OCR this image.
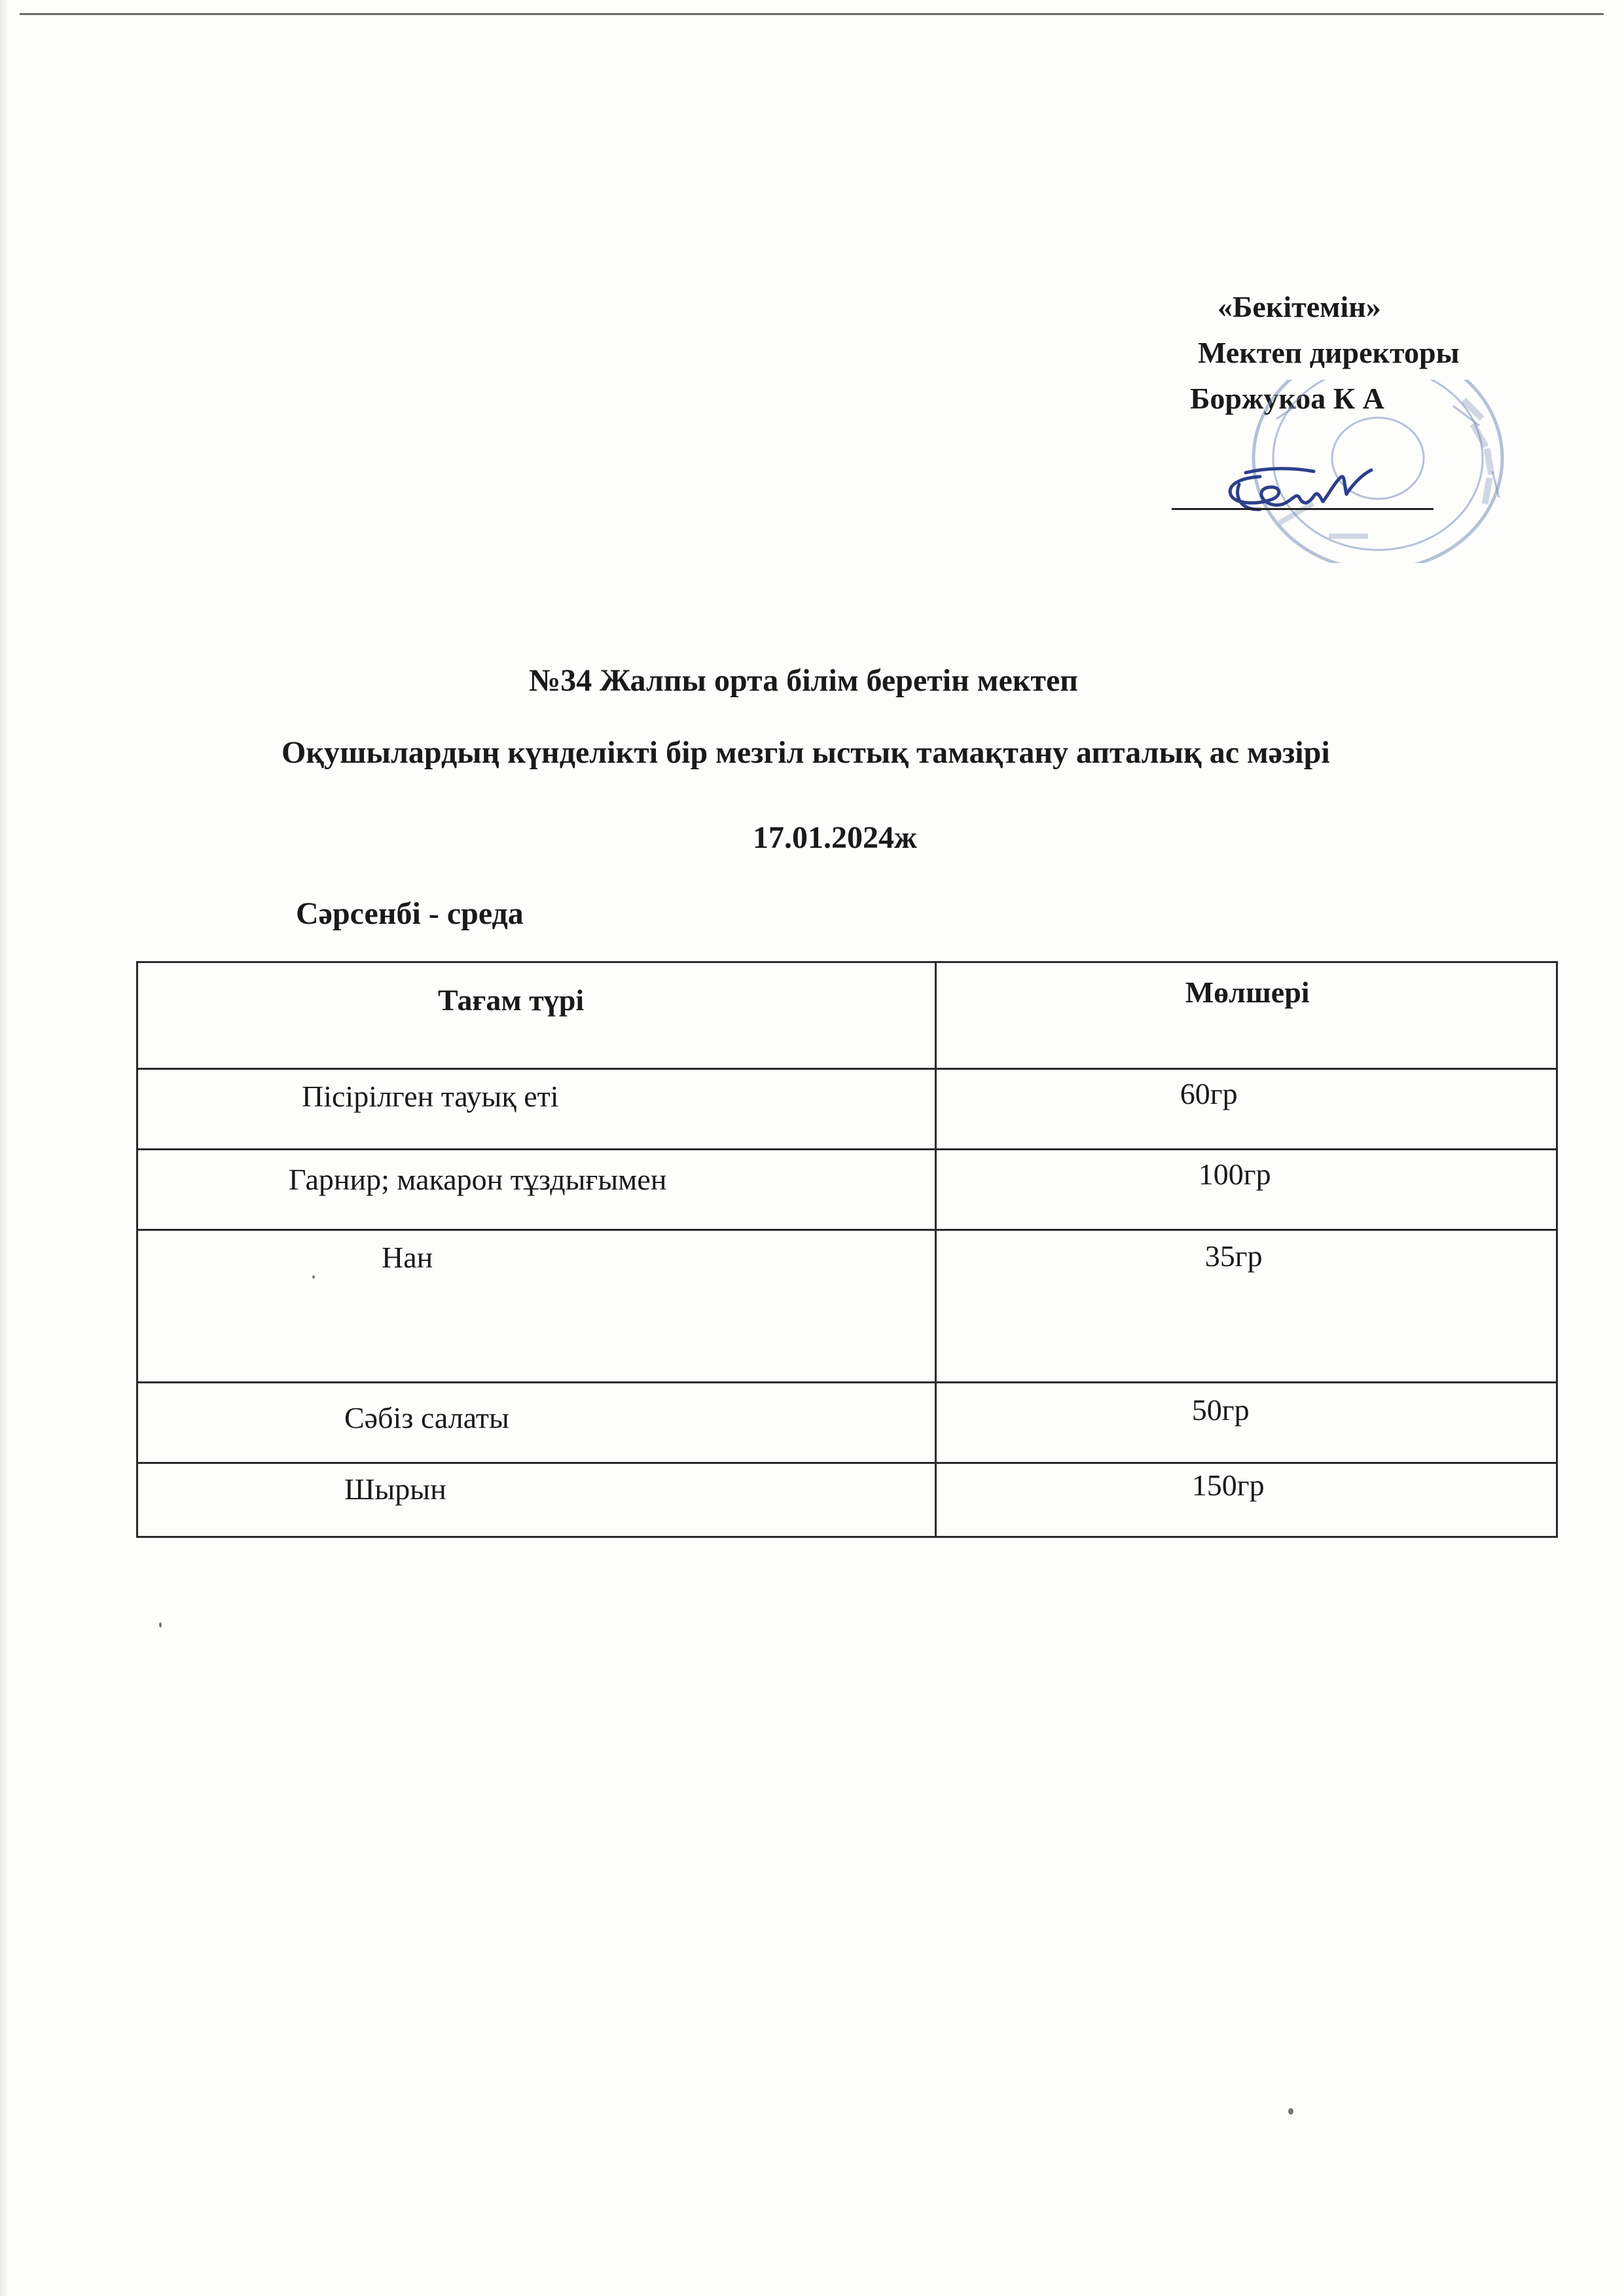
«Бекітемін»
Мектеп директоры
Боржукоа К А
№34 Жалпы орта білім беретін мектеп
Оқушылардың күнделікті бір мезгіл ыстық тамақтану апталық ас мәзірі
17.01.2024ж
Сәрсенбі - среда
Тағам түрі	Мөлшері

Пісірілген тауық еті	60гр

Гарнир; макарон тұздығымен	100гр

Нан	35гр

Сәбіз салаты	50гр

Шырын	150гр
